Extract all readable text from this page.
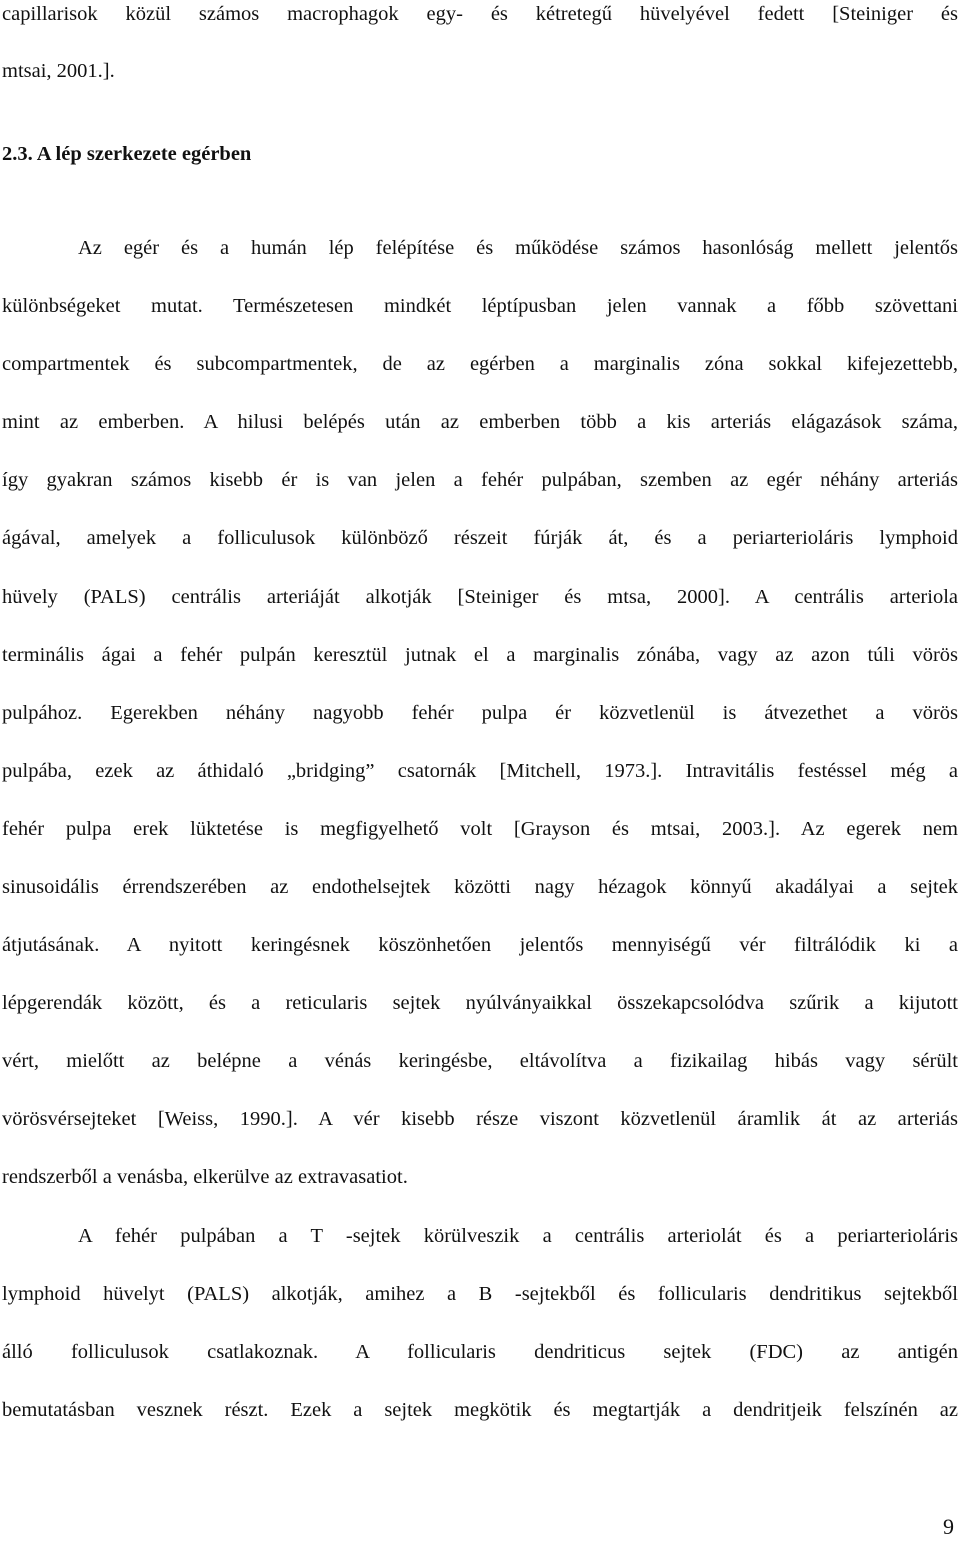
capillarisok közül számos macrophagok egy- és kétretegű hüvelyével fedett [Steiniger és
mtsai, 2001.].
2.3. A lép szerkezete egérben
Az egér és a humán lép felépítése és működése számos hasonlóság mellett jelentős
különbségeket mutat. Természetesen mindkét léptípusban jelen vannak a főbb szövettani
compartmentek és subcompartmentek, de az egérben a marginalis zóna sokkal kifejezettebb,
mint az emberben. A hilusi belépés után az emberben több a kis arteriás elágazások száma,
így gyakran számos kisebb ér is van jelen a fehér pulpában, szemben az egér néhány arteriás
ágával, amelyek a folliculusok különböző részeit fúrják át, és a periarterioláris lymphoid
hüvely (PALS) centrális arteriáját alkotják [Steiniger és mtsa, 2000]. A centrális arteriola
terminális ágai a fehér pulpán keresztül jutnak el a marginalis zónába, vagy az azon túli vörös
pulpához. Egerekben néhány nagyobb fehér pulpa ér közvetlenül is átvezethet a vörös
pulpába, ezek az áthidaló „bridging” csatornák [Mitchell, 1973.]. Intravitális festéssel még a
fehér pulpa erek lüktetése is megfigyelhető volt [Grayson és mtsai, 2003.]. Az egerek nem
sinusoidális érrendszerében az endothelsejtek közötti nagy hézagok könnyű akadályai a sejtek
átjutásának. A nyitott keringésnek köszönhetően jelentős mennyiségű vér filtrálódik ki a
lépgerendák között, és a reticularis sejtek nyúlványaikkal összekapcsolódva szűrik a kijutott
vért, mielőtt az belépne a vénás keringésbe, eltávolítva a fizikailag hibás vagy sérült
vörösvérsejteket [Weiss, 1990.]. A vér kisebb része viszont közvetlenül áramlik át az arteriás
rendszerből a venásba, elkerülve az extravasatiot.
A fehér pulpában a T -sejtek körülveszik a centrális arteriolát és a periarterioláris
lymphoid hüvelyt (PALS) alkotják, amihez a B -sejtekből és follicularis dendritikus sejtekből
álló folliculusok csatlakoznak. A follicularis dendriticus sejtek (FDC) az antigén
bemutatásban vesznek részt. Ezek a sejtek megkötik és megtartják a dendritjeik felszínén az
9
